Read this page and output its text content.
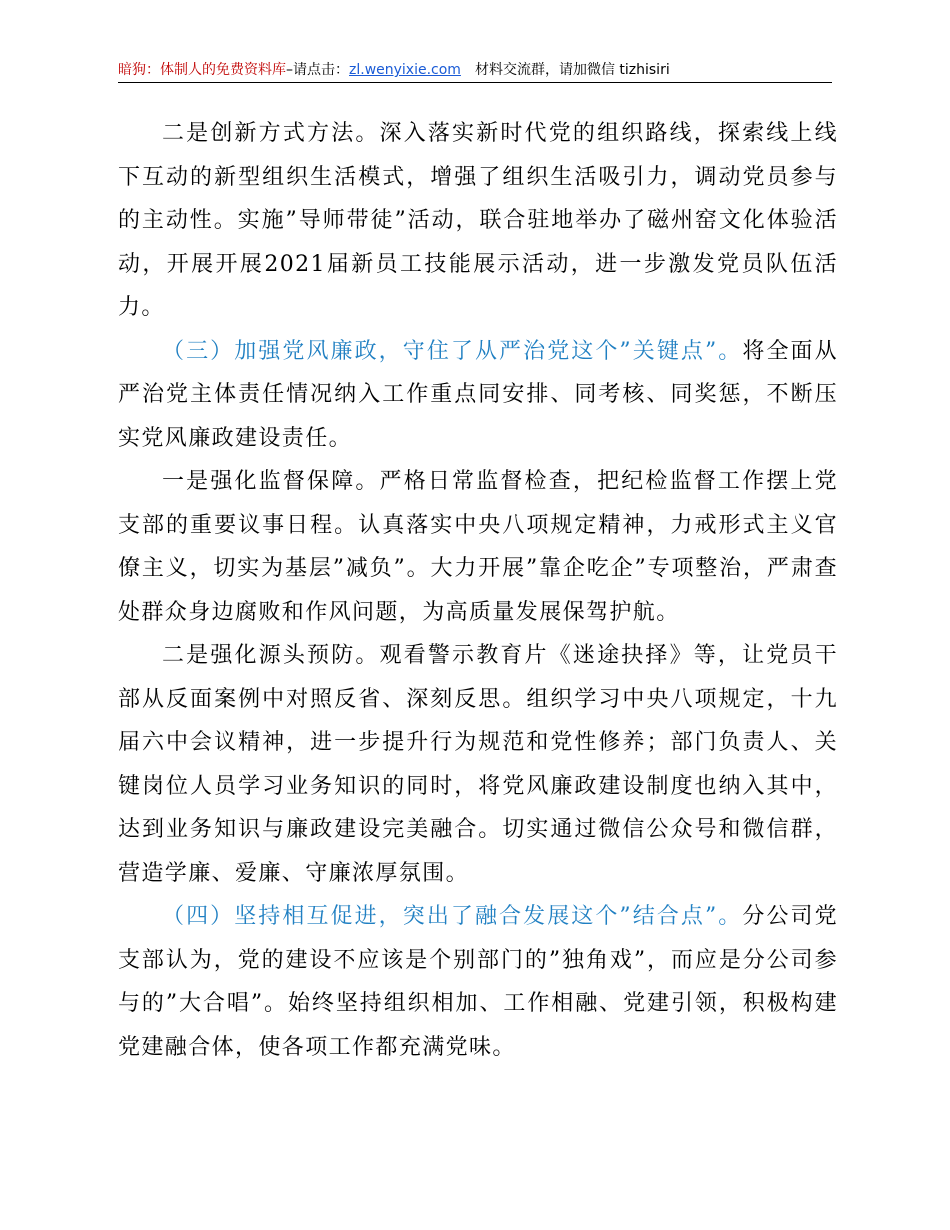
暗狗：体制人的免费资料库–请点击：zl.wenyixie.com 材料交流群，请加微信 tizhisiri

二是创新方式方法。深入落实新时代党的组织路线，探索线上线下互动的新型组织生活模式，增强了组织生活吸引力，调动党员参与的主动性。实施”导师带徒”活动，联合驻地举办了磁州窑文化体验活动，开展开展2021届新员工技能展示活动，进一步激发党员队伍活力。

（三）加强党风廉政，守住了从严治党这个”关键点”。将全面从严治党主体责任情况纳入工作重点同安排、同考核、同奖惩，不断压实党风廉政建设责任。

一是强化监督保障。严格日常监督检查，把纪检监督工作摆上党支部的重要议事日程。认真落实中央八项规定精神，力戒形式主义官僚主义，切实为基层”减负”。大力开展”靠企吃企”专项整治，严肃查处群众身边腐败和作风问题，为高质量发展保驾护航。

二是强化源头预防。观看警示教育片《迷途抉择》等，让党员干部从反面案例中对照反省、深刻反思。组织学习中央八项规定，十九届六中会议精神，进一步提升行为规范和党性修养；部门负责人、关键岗位人员学习业务知识的同时，将党风廉政建设制度也纳入其中，达到业务知识与廉政建设完美融合。切实通过微信公众号和微信群，营造学廉、爱廉、守廉浓厚氛围。

（四）坚持相互促进，突出了融合发展这个”结合点”。分公司党支部认为，党的建设不应该是个别部门的”独角戏”，而应是分公司参与的”大合唱”。始终坚持组织相加、工作相融、党建引领，积极构建党建融合体，使各项工作都充满党味。
